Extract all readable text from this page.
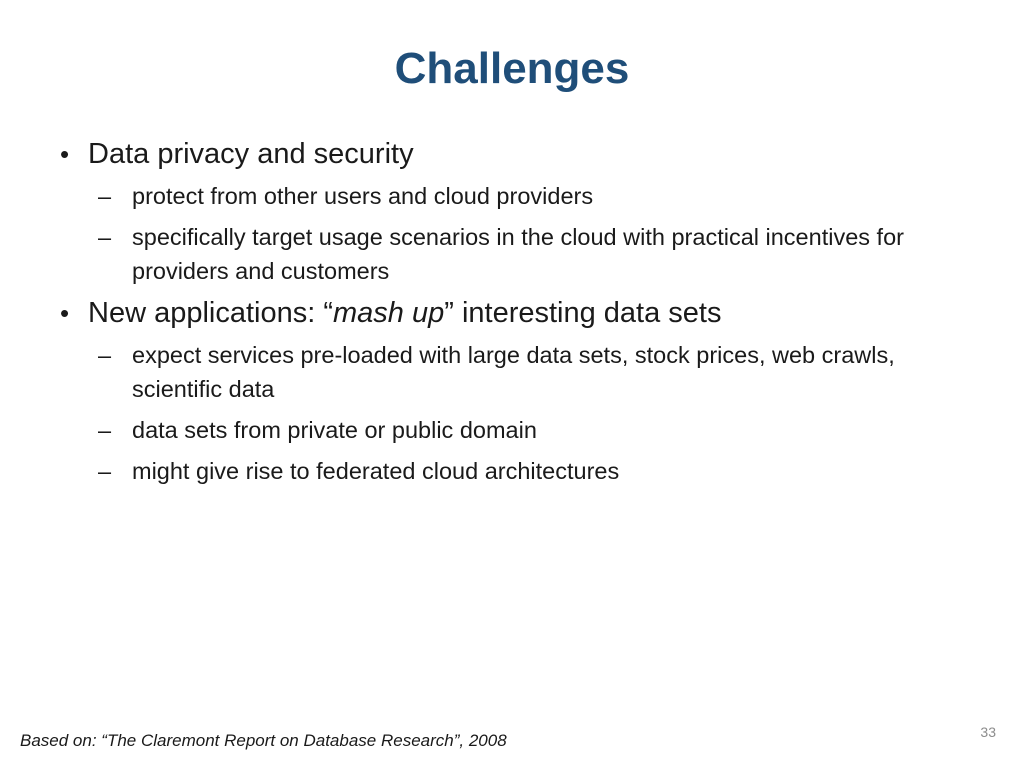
Challenges
• Data privacy and security
– protect from other users and cloud providers
– specifically target usage scenarios in the cloud with practical incentives for providers and customers
• New applications: “mash up” interesting data sets
– expect services pre-loaded with large data sets, stock prices, web crawls, scientific data
– data sets from private or public domain
– might give rise to federated cloud architectures
Based on: “The Claremont Report on Database Research”, 2008	33
